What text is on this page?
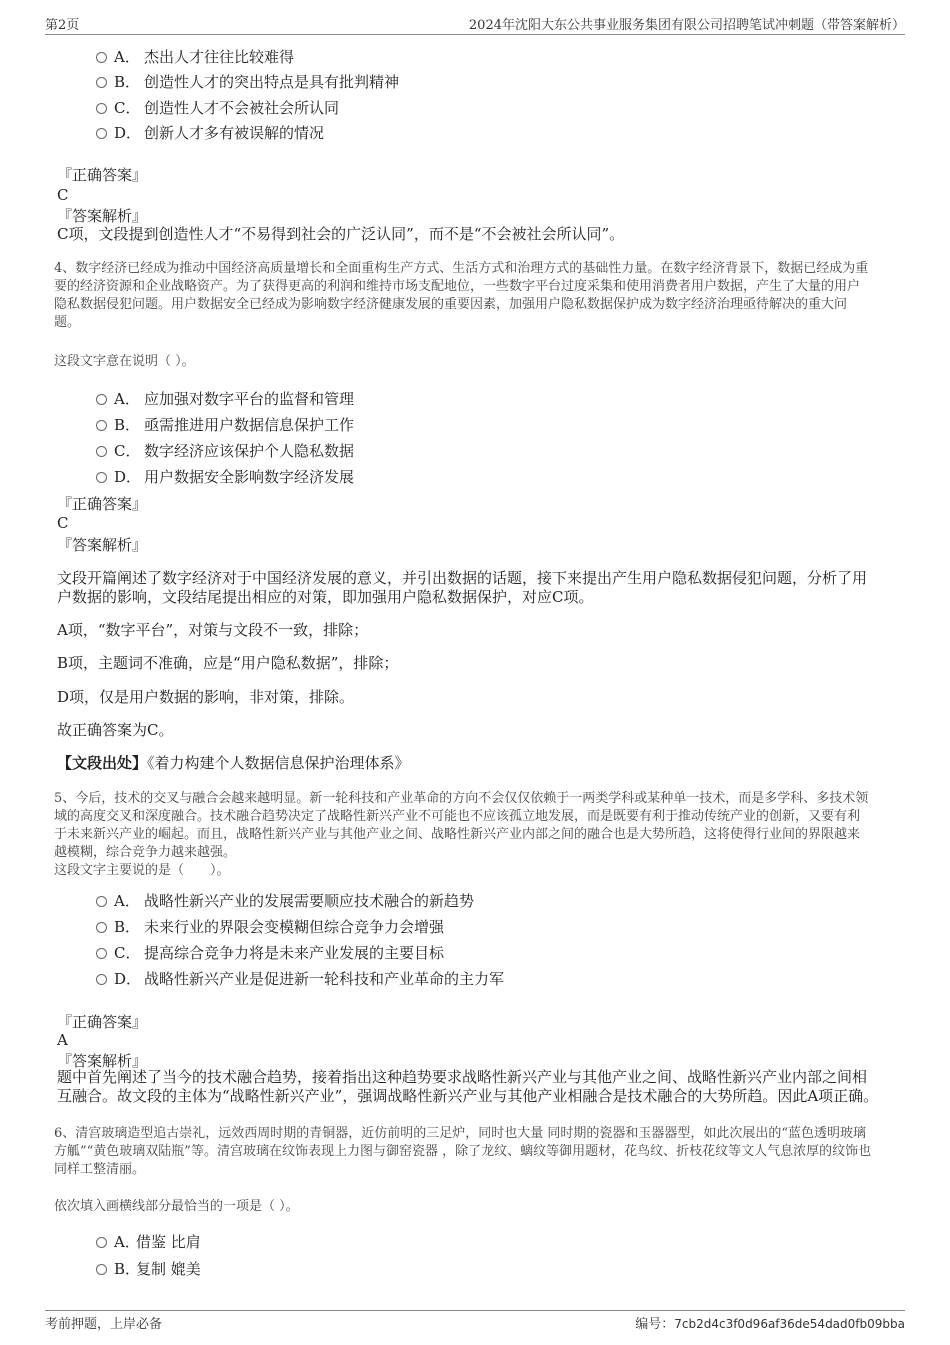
第2页	2024年沈阳大东公共事业服务集团有限公司招聘笔试冲刺题（带答案解析）
A． 杰出人才往往比较难得
B． 创造性人才的突出特点是具有批判精神
C． 创造性人才不会被社会所认同
D． 创新人才多有被误解的情况
『正确答案』
C
『答案解析』
C项，文段提到创造性人才“不易得到社会的广泛认同”，而不是“不会被社会所认同”。
4、数字经济已经成为推动中国经济高质量增长和全面重构生产方式、生活方式和治理方式的基础性力量。在数字经济背景下，数据已经成为重
要的经济资源和企业战略资产。为了获得更高的利润和维持市场支配地位，一些数字平台过度采集和使用消费者用户数据，产生了大量的用户
隐私数据侵犯问题。用户数据安全已经成为影响数字经济健康发展的重要因素，加强用户隐私数据保护成为数字经济治理亟待解决的重大问
题。
这段文字意在说明（ ）。
A． 应加强对数字平台的监督和管理
B． 亟需推进用户数据信息保护工作
C． 数字经济应该保护个人隐私数据
D． 用户数据安全影响数字经济发展
『正确答案』
C
『答案解析』
文段开篇阐述了数字经济对于中国经济发展的意义，并引出数据的话题，接下来提出产生用户隐私数据侵犯问题，分析了用
户数据的影响，文段结尾提出相应的对策，即加强用户隐私数据保护，对应C项。
A项，“数字平台”，对策与文段不一致，排除；
B项，主题词不准确，应是“用户隐私数据”，排除；
D项，仅是用户数据的影响，非对策，排除。
故正确答案为C。
【文段出处】《着力构建个人数据信息保护治理体系》
5、今后，技术的交叉与融合会越来越明显。新一轮科技和产业革命的方向不会仅仅依赖于一两类学科或某种单一技术，而是多学科、多技术领
域的高度交叉和深度融合。技术融合趋势决定了战略性新兴产业不可能也不应该孤立地发展，而是既要有利于推动传统产业的创新，又要有利
于未来新兴产业的崛起。而且，战略性新兴产业与其他产业之间、战略性新兴产业内部之间的融合也是大势所趋，这将使得行业间的界限越来
越模糊，综合竞争力越来越强。
这段文字主要说的是（　　）。
A． 战略性新兴产业的发展需要顺应技术融合的新趋势
B． 未来行业的界限会变模糊但综合竞争力会增强
C． 提高综合竞争力将是未来产业发展的主要目标
D． 战略性新兴产业是促进新一轮科技和产业革命的主力军
『正确答案』
A
『答案解析』
题中首先阐述了当今的技术融合趋势，接着指出这种趋势要求战略性新兴产业与其他产业之间、战略性新兴产业内部之间相
互融合。故文段的主体为“战略性新兴产业”，强调战略性新兴产业与其他产业相融合是技术融合的大势所趋。因此A项正确。
6、清宫玻璃造型追古崇礼，远效西周时期的青铜器，近仿前明的三足炉，同时也大量 同时期的瓷器和玉器器型，如此次展出的“蓝色透明玻璃
方觚”“黄色玻璃双陆瓶”等。清宫玻璃在纹饰表现上力图与御窑瓷器 ，除了龙纹、螭纹等御用题材，花鸟纹、折枝花纹等文人气息浓厚的纹饰也
同样工整清丽。
依次填入画横线部分最恰当的一项是（ ）。
A．
借鉴 比肩
B．
复制 媲美
考前押题，上岸必备	编号：7cb2d4c3f0d96af36de54dad0fb09bba
